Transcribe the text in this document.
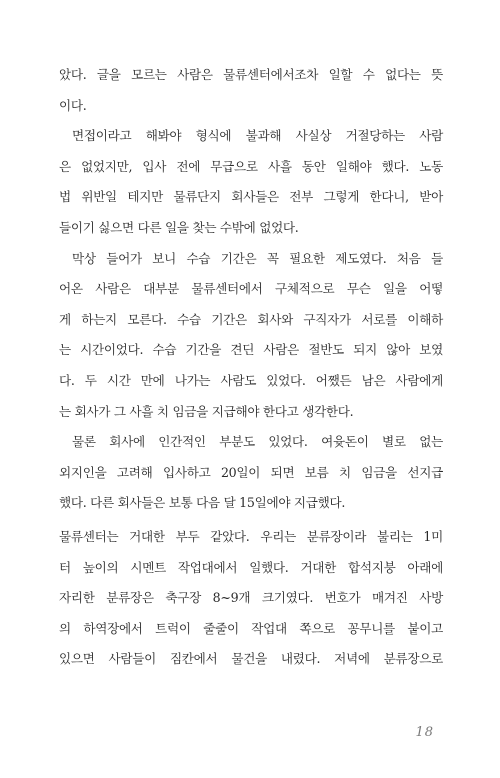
았다. 글을 모르는 사람은 물류센터에서조차 일할 수 없다는 뜻
이다.
면접이라고 해봐야 형식에 불과해 사실상 거절당하는 사람
은 없었지만, 입사 전에 무급으로 사흘 동안 일해야 했다. 노동
법 위반일 테지만 물류단지 회사들은 전부 그렇게 한다니, 받아
들이기 싫으면 다른 일을 찾는 수밖에 없었다.
막상 들어가 보니 수습 기간은 꼭 필요한 제도였다. 처음 들
어온 사람은 대부분 물류센터에서 구체적으로 무슨 일을 어떻
게 하는지 모른다. 수습 기간은 회사와 구직자가 서로를 이해하
는 시간이었다. 수습 기간을 견딘 사람은 절반도 되지 않아 보였
다. 두 시간 만에 나가는 사람도 있었다. 어쨌든 남은 사람에게
는 회사가 그 사흘 치 임금을 지급해야 한다고 생각한다.
물론 회사에 인간적인 부분도 있었다. 여윳돈이 별로 없는
외지인을 고려해 입사하고 20일이 되면 보름 치 임금을 선지급
했다. 다른 회사들은 보통 다음 달 15일에야 지급했다.
물류센터는 거대한 부두 같았다. 우리는 분류장이라 불리는 1미
터 높이의 시멘트 작업대에서 일했다. 거대한 합석지붕 아래에
자리한 분류장은 축구장 8~9개 크기였다. 번호가 매겨진 사방
의 하역장에서 트럭이 줄줄이 작업대 쪽으로 꽁무니를 붙이고
있으면 사람들이 짐칸에서 물건을 내렸다. 저녁에 분류장으로
18
